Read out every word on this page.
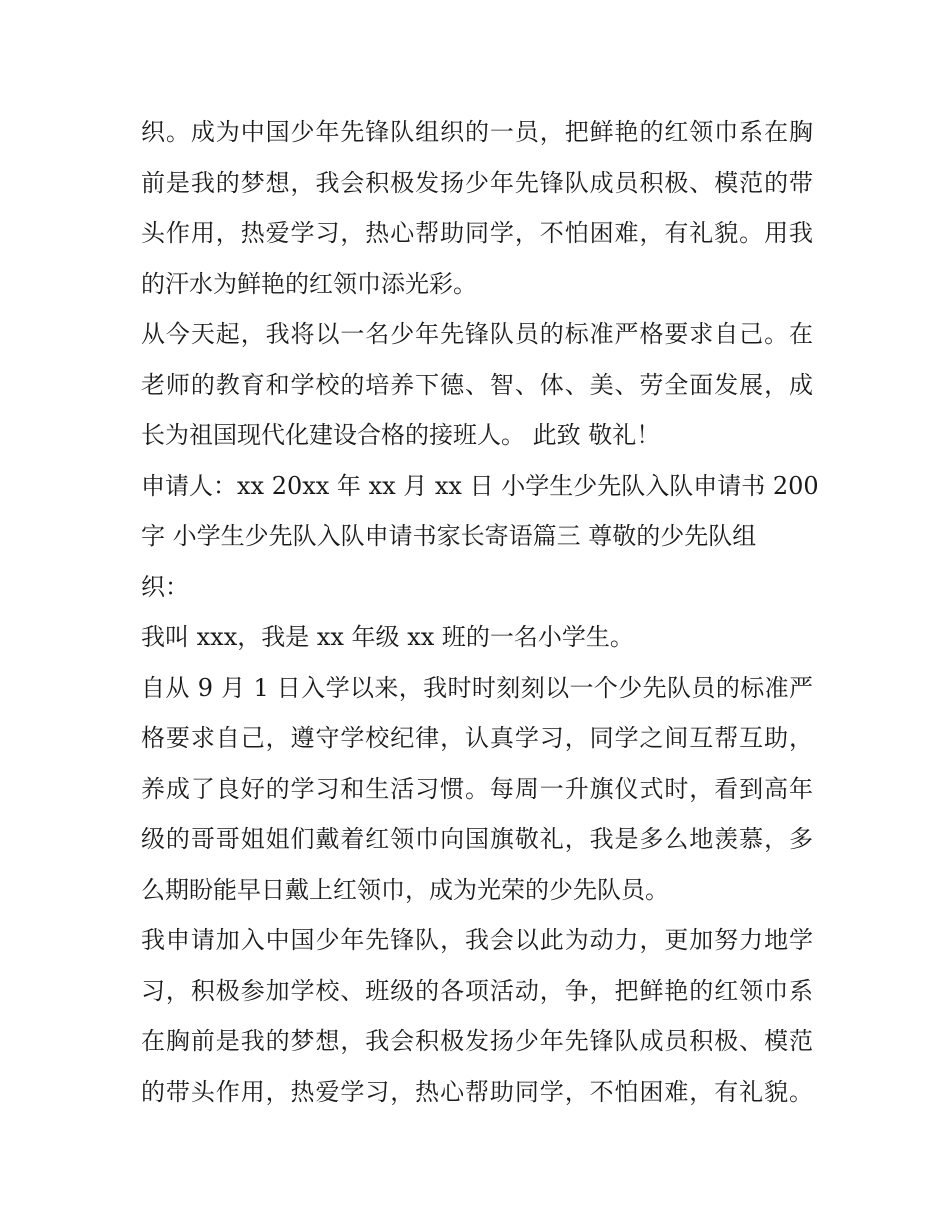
织。成为中国少年先锋队组织的一员，把鲜艳的红领巾系在胸
前是我的梦想，我会积极发扬少年先锋队成员积极、模范的带
头作用，热爱学习，热心帮助同学，不怕困难，有礼貌。用我
的汗水为鲜艳的红领巾添光彩。
从今天起，我将以一名少年先锋队员的标准严格要求自己。在
老师的教育和学校的培养下德、智、体、美、劳全面发展，成
长为祖国现代化建设合格的接班人。 此致 敬礼！
申请人：xx 20xx 年 xx 月 xx 日 小学生少先队入队申请书 200
字 小学生少先队入队申请书家长寄语篇三 尊敬的少先队组
织：
我叫 xxx，我是 xx 年级 xx 班的一名小学生。
自从 9 月 1 日入学以来，我时时刻刻以一个少先队员的标准严
格要求自己，遵守学校纪律，认真学习，同学之间互帮互助，
养成了良好的学习和生活习惯。每周一升旗仪式时，看到高年
级的哥哥姐姐们戴着红领巾向国旗敬礼，我是多么地羡慕，多
么期盼能早日戴上红领巾，成为光荣的少先队员。
我申请加入中国少年先锋队，我会以此为动力，更加努力地学
习，积极参加学校、班级的各项活动，争，把鲜艳的红领巾系
在胸前是我的梦想，我会积极发扬少年先锋队成员积极、模范
的带头作用，热爱学习，热心帮助同学，不怕困难，有礼貌。
